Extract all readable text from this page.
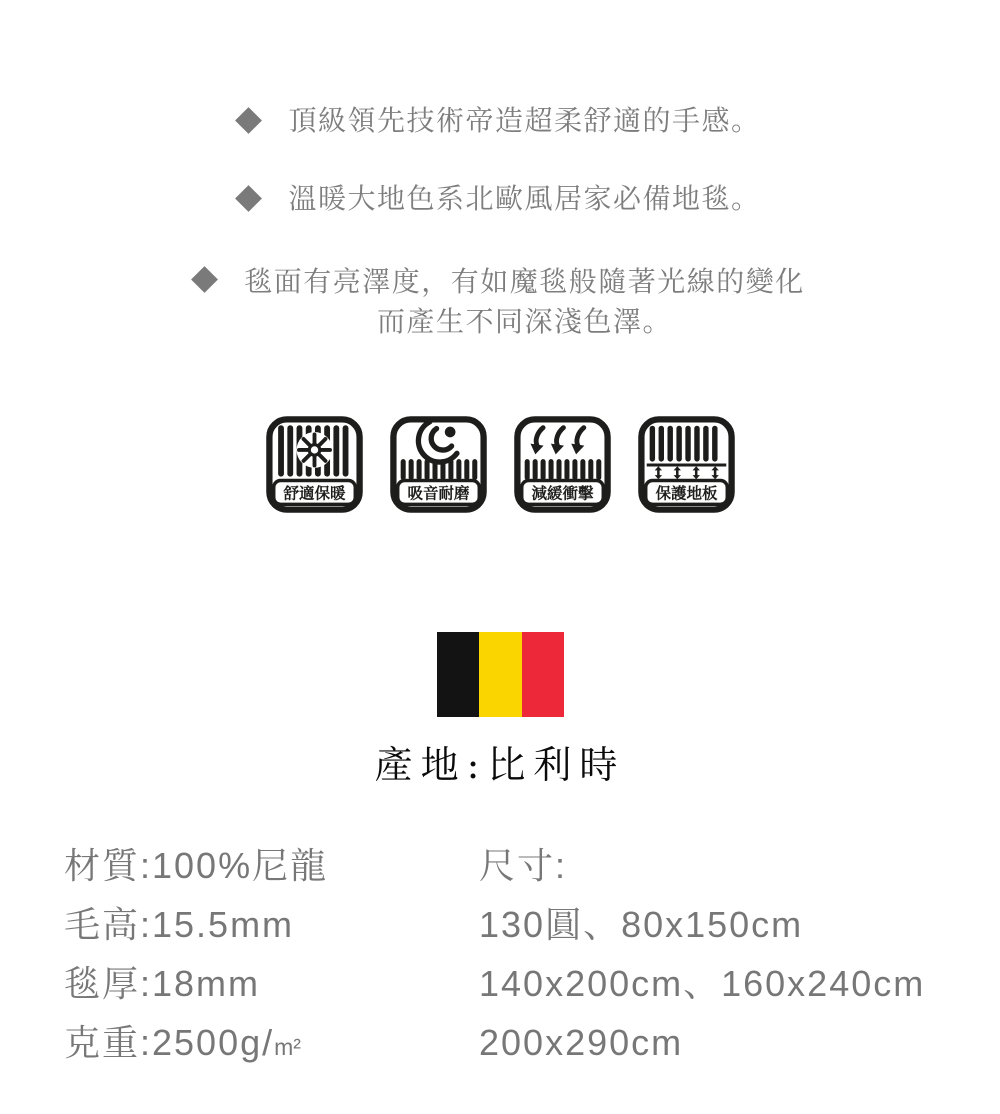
頂級領先技術帝造超柔舒適的手感。
溫暖大地色系北歐風居家必備地毯。
毯面有亮澤度，有如魔毯般隨著光線的變化
而產生不同深淺色澤。
舒適保暖	吸音耐磨	減緩衝擊	保護地板
產地:比利時
材質:100%尼龍
毛高:15.5mm
毯厚:18mm
克重:2500g/m²
尺寸:
130圓、80x150cm
140x200cm、160x240cm
200x290cm
